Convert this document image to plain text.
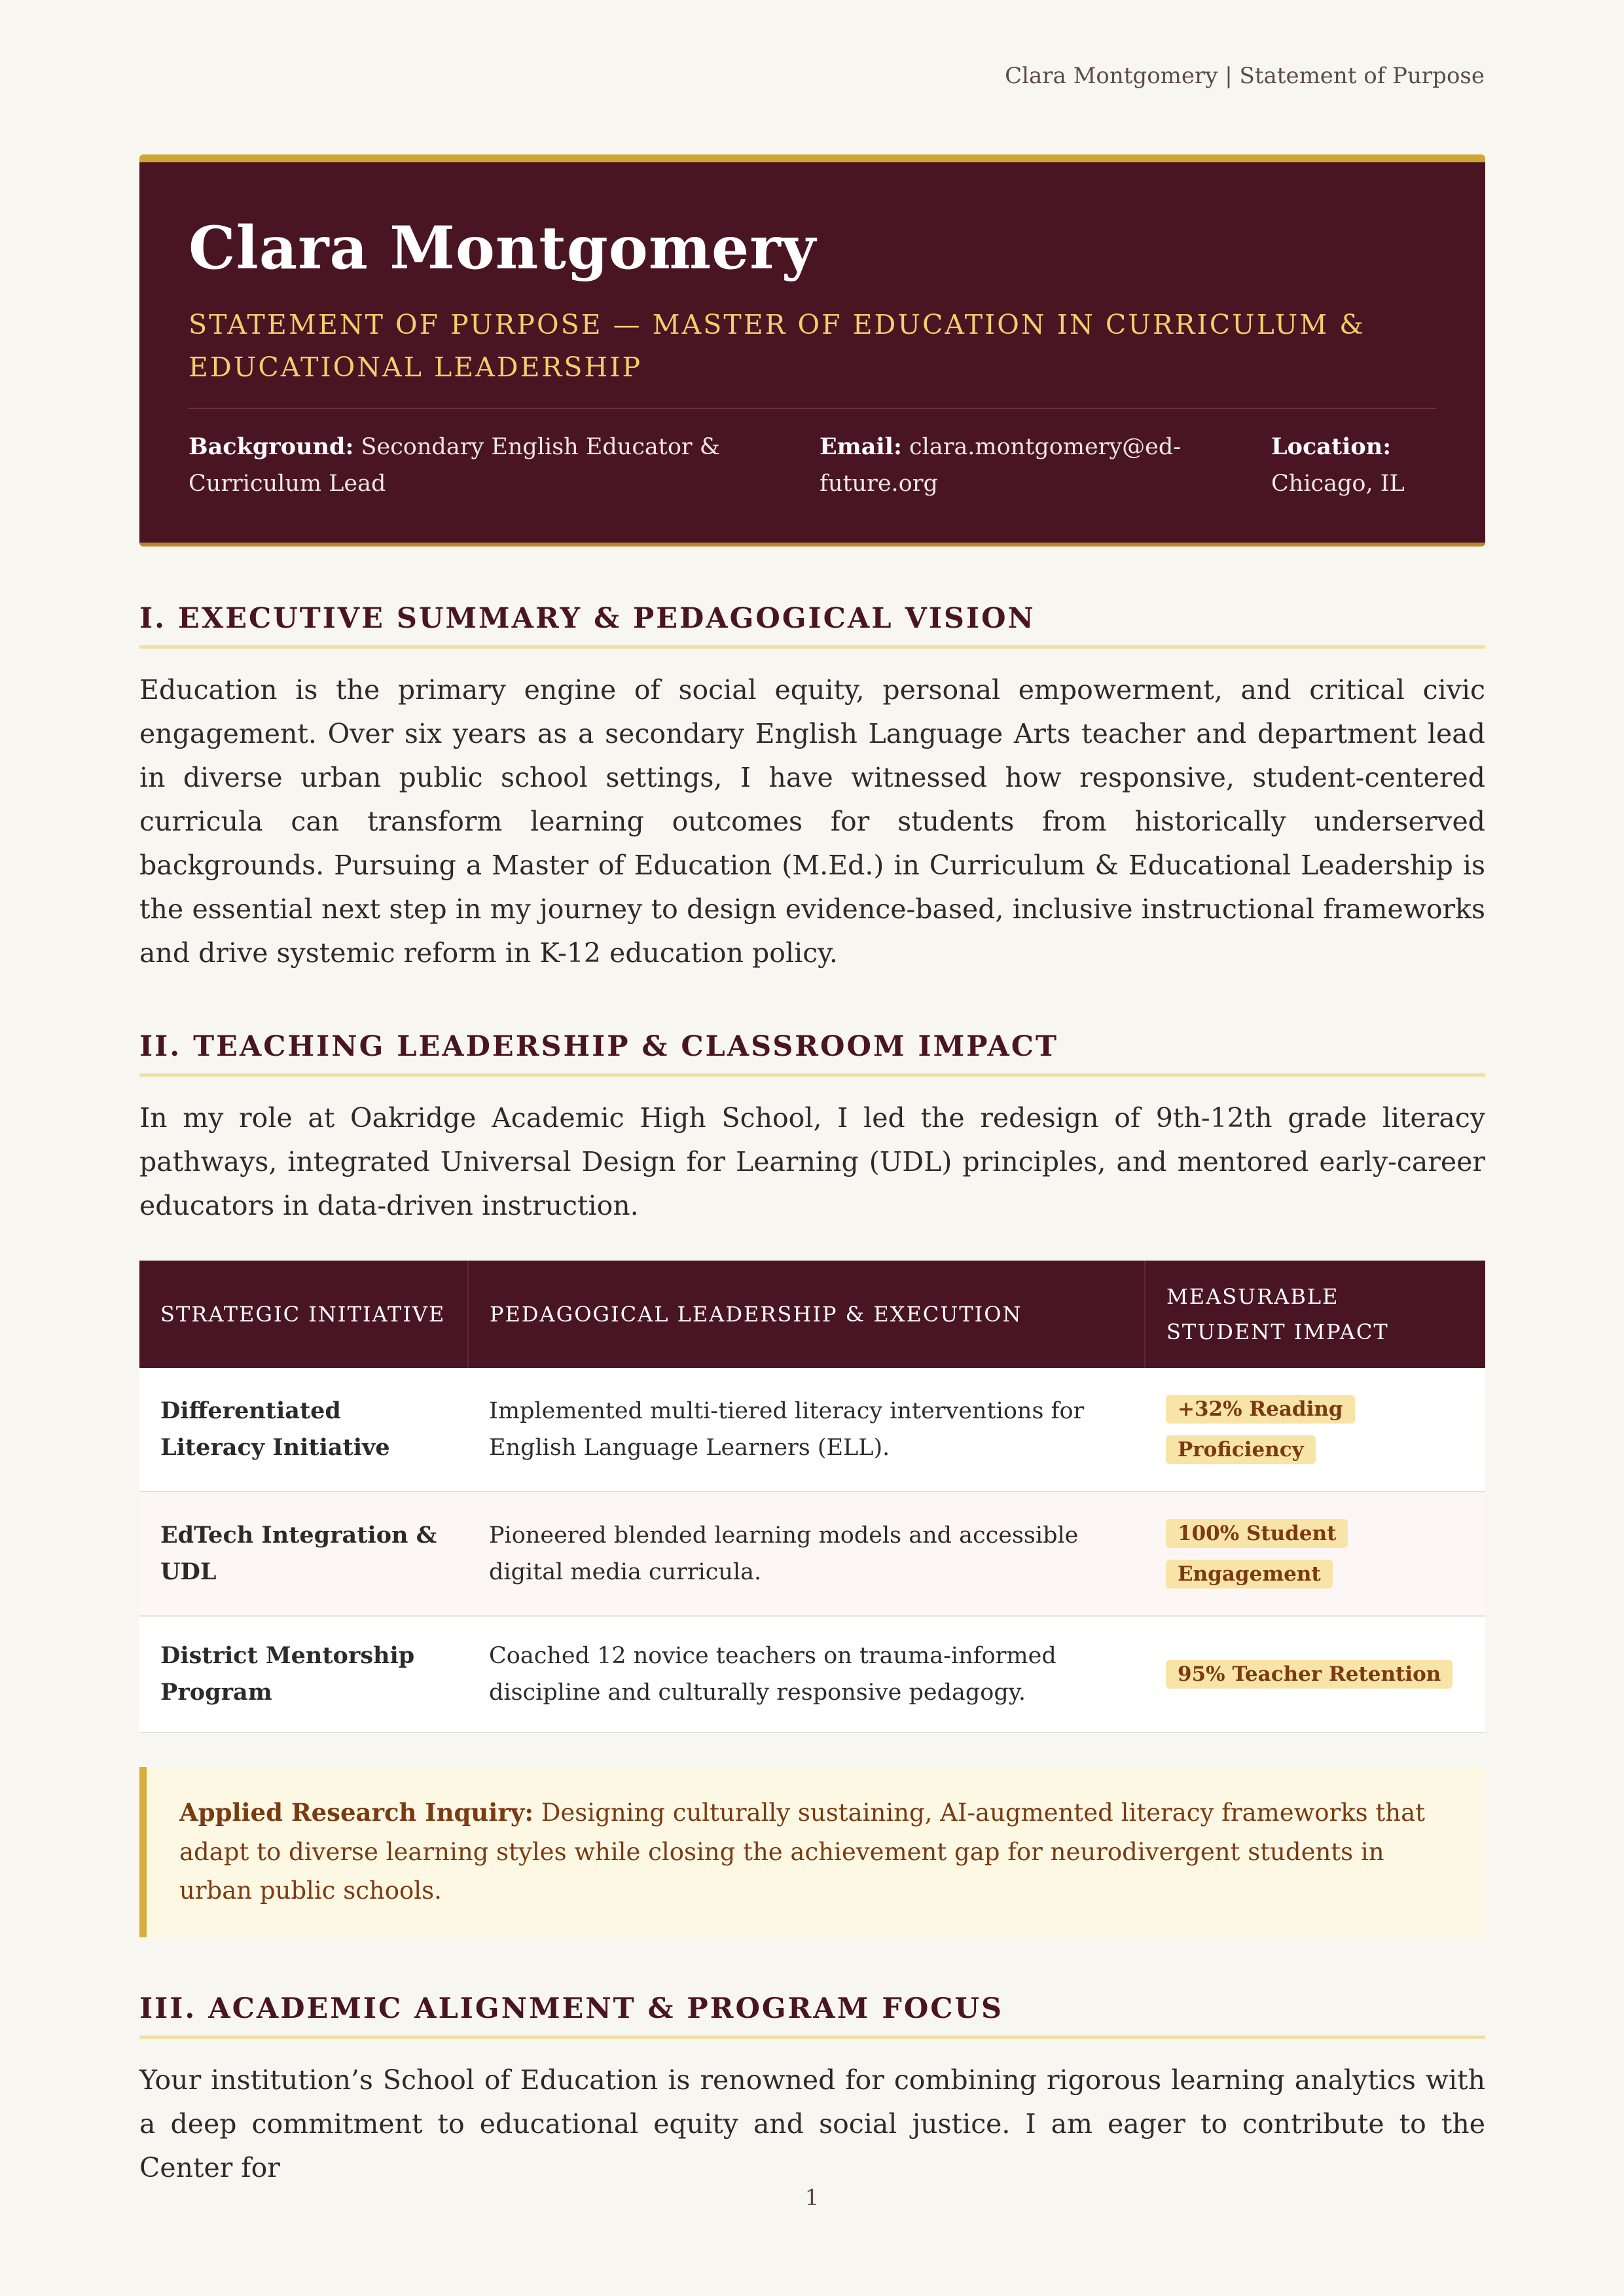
Clara Montgomery | Statement of Purpose
Clara Montgomery
STATEMENT OF PURPOSE — MASTER OF EDUCATION IN CURRICULUM & EDUCATIONAL LEADERSHIP
Background: Secondary English Educator & Curriculum Lead
Email: clara.montgomery@ed-future.org
Location: Chicago, IL
I. EXECUTIVE SUMMARY & PEDAGOGICAL VISION

Education is the primary engine of social equity, personal empowerment, and critical civic engagement. Over six years as a secondary English Language Arts teacher and department lead in diverse urban public school settings, I have witnessed how responsive, student-centered curricula can transform learning outcomes for students from historically underserved backgrounds. Pursuing a Master of Education (M.Ed.) in Curriculum & Educational Leadership is the essential next step in my journey to design evidence-based, inclusive instructional frameworks and drive systemic reform in K-12 education policy.

II. TEACHING LEADERSHIP & CLASSROOM IMPACT

In my role at Oakridge Academic High School, I led the redesign of 9th-12th grade literacy pathways, integrated Universal Design for Learning (UDL) principles, and mentored early-career educators in data-driven instruction.

STRATEGIC INITIATIVE	PEDAGOGICAL LEADERSHIP & EXECUTION	MEASURABLE STUDENT IMPACT
Differentiated Literacy Initiative	Implemented multi-tiered literacy interventions for English Language Learners (ELL).	+32% Reading Proficiency
EdTech Integration & UDL	Pioneered blended learning models and accessible digital media curricula.	100% Student Engagement
District Mentorship Program	Coached 12 novice teachers on trauma-informed discipline and culturally responsive pedagogy.	95% Teacher Retention
Applied Research Inquiry: Designing culturally sustaining, AI-augmented literacy frameworks that adapt to diverse learning styles while closing the achievement gap for neurodivergent students in urban public schools.
III. ACADEMIC ALIGNMENT & PROGRAM FOCUS

Your institution’s School of Education is renowned for combining rigorous learning analytics with a deep commitment to educational equity and social justice. I am eager to contribute to the Center for

1
